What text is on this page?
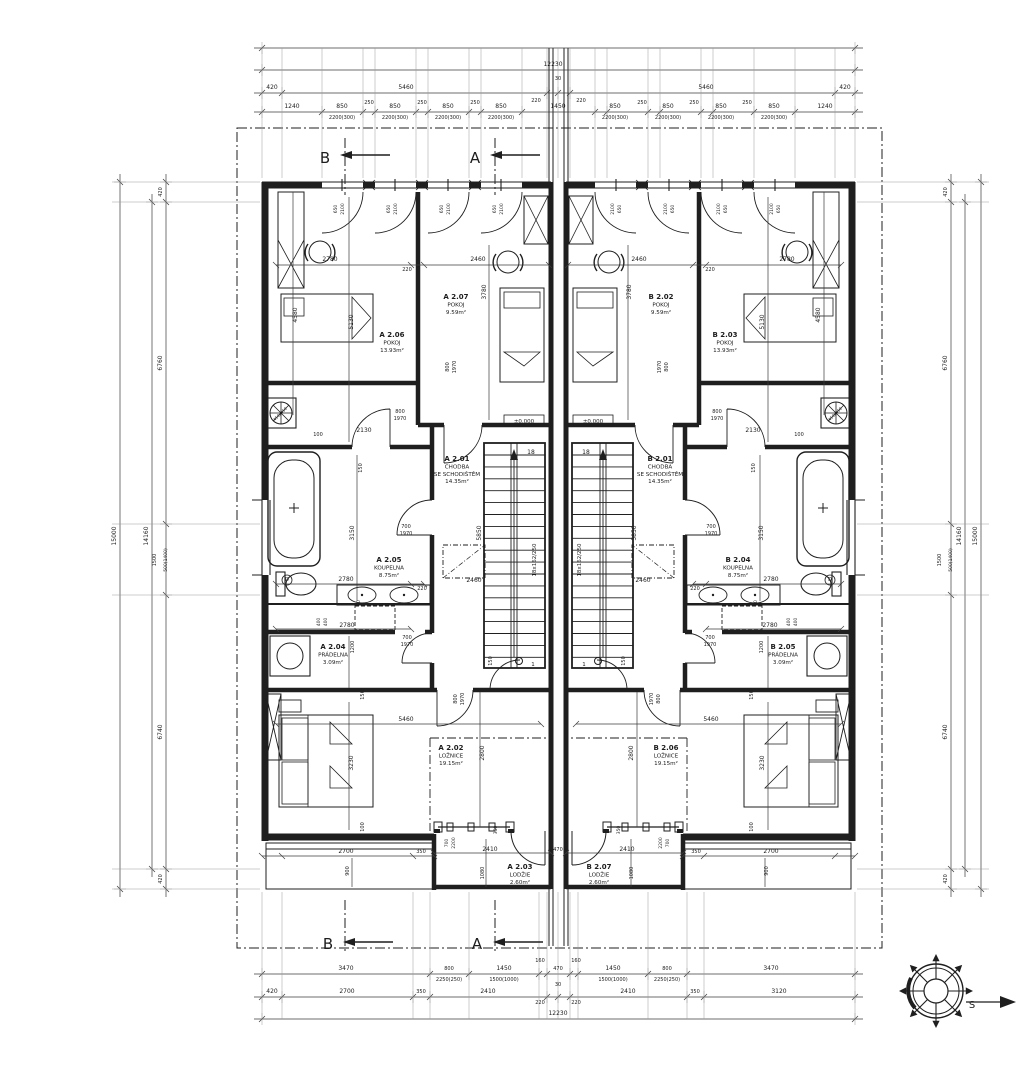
A 2.01
CHODBA
SE SCHODIŠTĚM
14.35m²
A 2.02
LOŽNICE
19.15m²
A 2.03
LODŽIE
2.60m²
A 2.04
PRÁDELNA
3.09m²
A 2.05
KOUPELNA
8.75m²
A 2.06
POKOJ
13.93m²
A 2.07
POKOJ
9.59m²
B 2.01
CHODBA
SE SCHODIŠTĚM
14.35m²
B 2.02
POKOJ
9.59m²
B 2.03
POKOJ
13.93m²
B 2.04
KOUPELNA
8.75m²
B 2.05
PRÁDELNA
3.09m²
B 2.06
LOŽNICE
19.15m²
B 2.07
LODŽIE
2.60m²
12230
420	5460
220
30
220
5460	420
1240	850	250	850	250	850	250	850	1450	850	250	850	250	850	250	850	1240
2200(300)	2200(300)	2200(300)	2200(300)	2200(300)	2200(300)	2200(300)	2200(300)
15000	14160
420
6760
1500 500(1400)
6740
420
420
6760
1500 500(1400)
6740
420
14160 15000
3470	800
2250(250)
1450
1500(1000)
160
470
160
1450
1500(1000)
800
2250(250)
3470
420	2700	350	2410
220
30
220
2410	350	3120
12230
470
2780	2780
220	220
2460	2460
3780	3780
4580	4580
5130	5130
650	650
2100	2100
650	650
2100	2100
650	650
2100	2100
650	650
2100	2100
100	100
2130	2130
150	150
800	800
1970	1970
800	800
1970	1970
3150	3150
700	700
1970	1970
2780	2780
220	220
50	50
400	400
400	400
2780	2780
1200	1200
700	700
1970	1970
±0.000	±0.000
18	18
18x162/250	18x162/250
5850	5850
2460	2460
150	150
1	1
150	150
800	800
1970	1970
5460	5460
2800	2800
3230	3230
100	100
2700	2700
350	350
2410	2410
900	900
1080	1080
700	700
2200	2200
350	350
450x450	450x450
D	D
B	A
B	A
S
